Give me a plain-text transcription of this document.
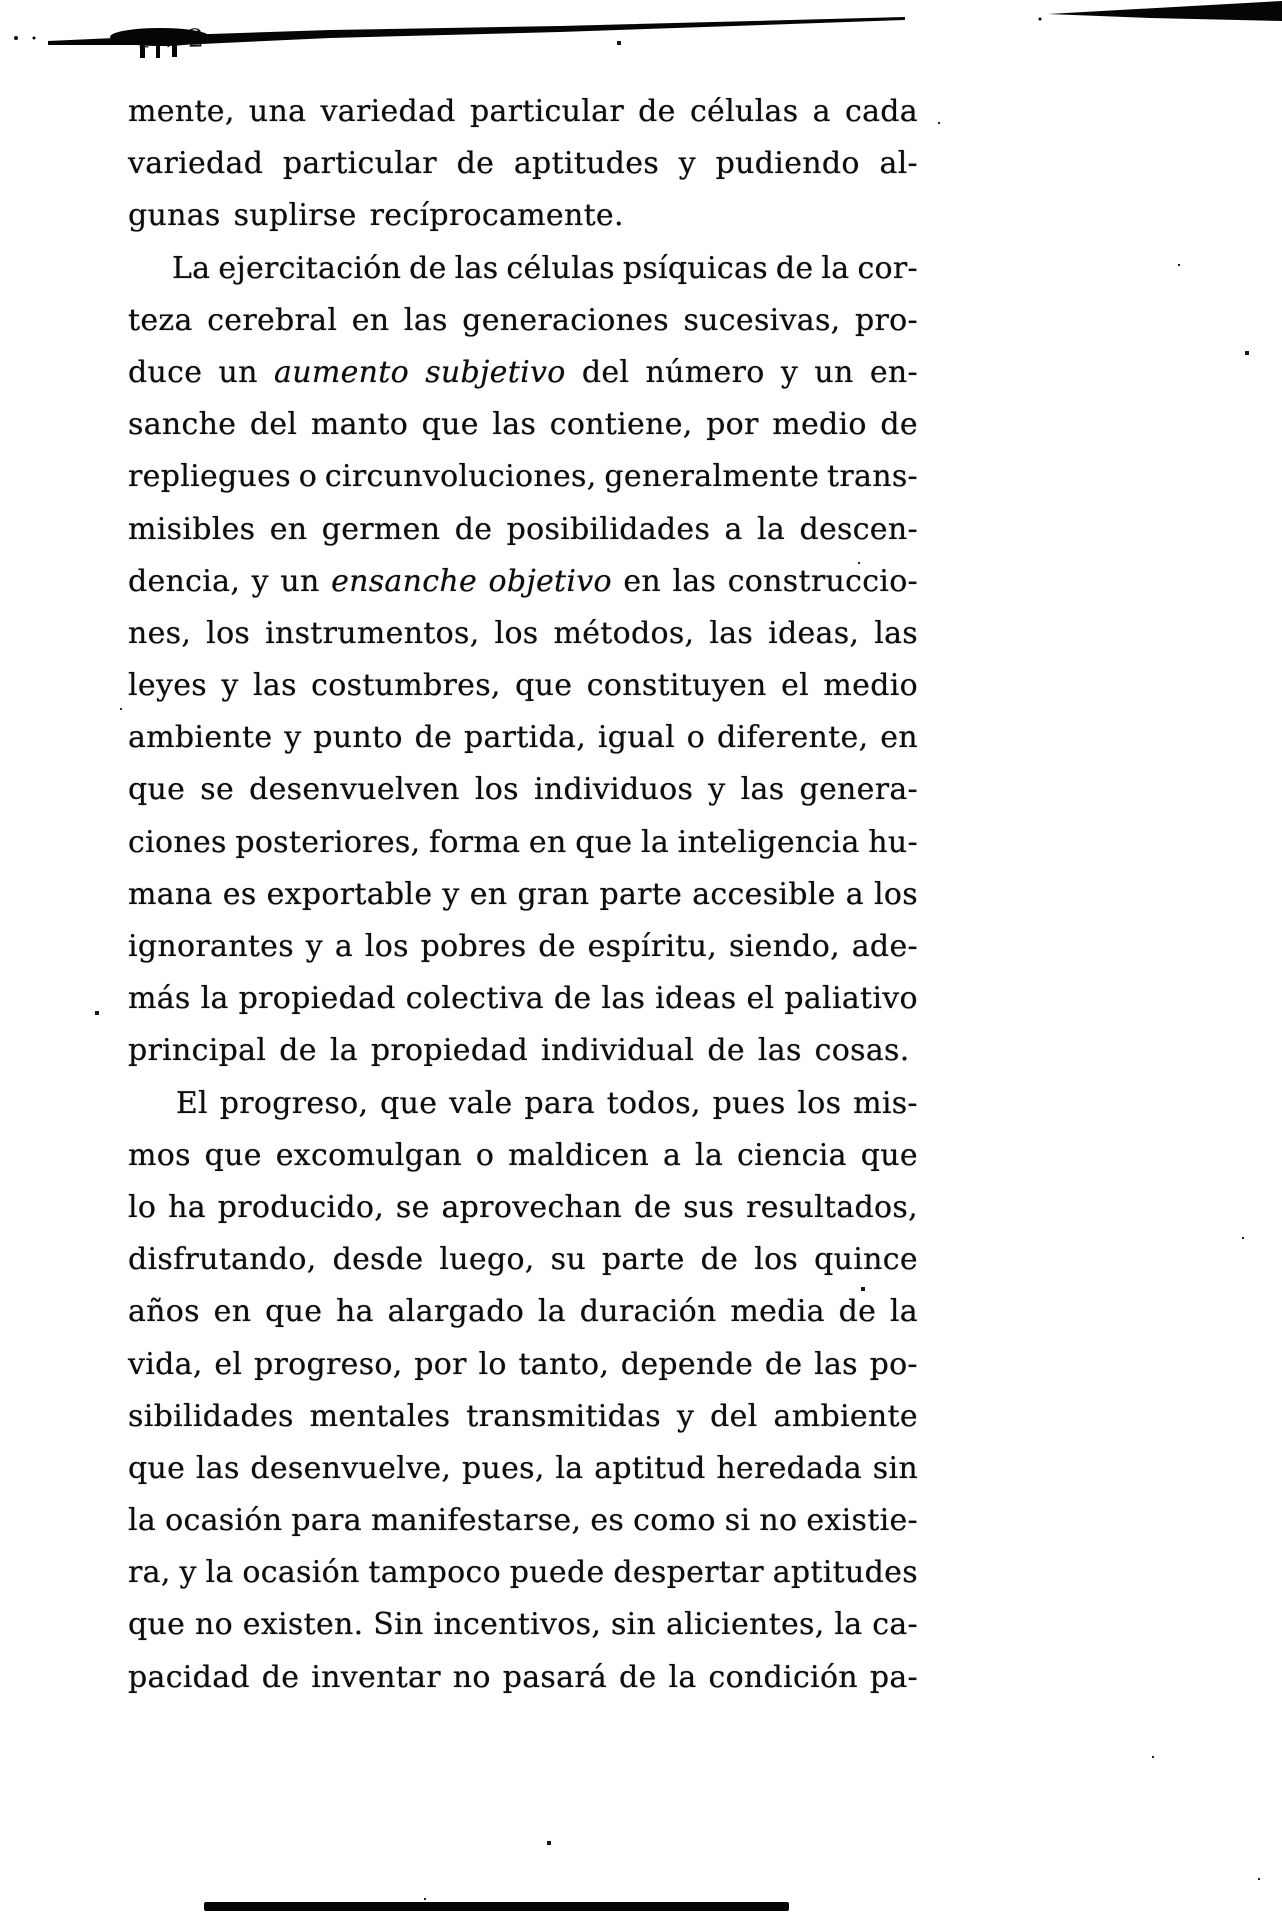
mente, una variedad particular de células a cada
variedad particular de aptitudes y pudiendo al-
gunas suplirse recíprocamente.
La ejercitación de las células psíquicas de la cor-
teza cerebral en las generaciones sucesivas, pro-
duce un aumento subjetivo del número y un en-
sanche del manto que las contiene, por medio de
repliegues o circunvoluciones, generalmente trans-
misibles en germen de posibilidades a la descen-
dencia, y un ensanche objetivo en las construccio-
nes, los instrumentos, los métodos, las ideas, las
leyes y las costumbres, que constituyen el medio
ambiente y punto de partida, igual o diferente, en
que se desenvuelven los individuos y las genera-
ciones posteriores, forma en que la inteligencia hu-
mana es exportable y en gran parte accesible a los
ignorantes y a los pobres de espíritu, siendo, ade-
más la propiedad colectiva de las ideas el paliativo
principal de la propiedad individual de las cosas.
El progreso, que vale para todos, pues los mis-
mos que excomulgan o maldicen a la ciencia que
lo ha producido, se aprovechan de sus resultados,
disfrutando, desde luego, su parte de los quince
años en que ha alargado la duración media de la
vida, el progreso, por lo tanto, depende de las po-
sibilidades mentales transmitidas y del ambiente
que las desenvuelve, pues, la aptitud heredada sin
la ocasión para manifestarse, es como si no existie-
ra, y la ocasión tampoco puede despertar aptitudes
que no existen. Sin incentivos, sin alicientes, la ca-
pacidad de inventar no pasará de la condición pa-
